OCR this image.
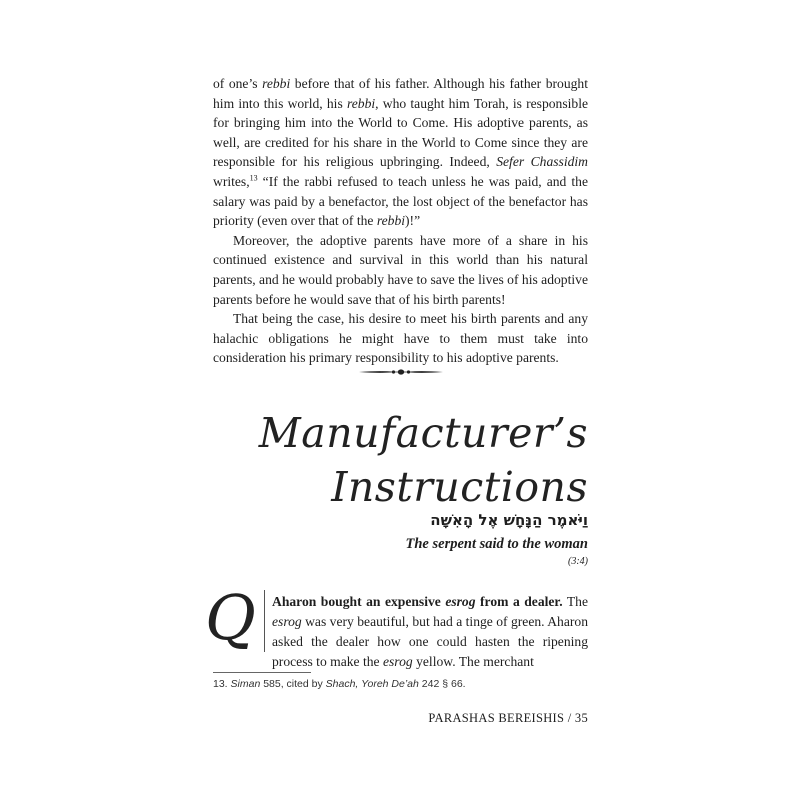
of one’s rebbi before that of his father. Although his father brought him into this world, his rebbi, who taught him Torah, is responsible for bringing him into the World to Come. His adoptive parents, as well, are credited for his share in the World to Come since they are responsible for his religious upbringing. Indeed, Sefer Chassidim writes,$^{13}$ “If the rabbi refused to teach unless he was paid, and the salary was paid by a benefactor, the lost object of the benefactor has priority (even over that of the rebbi)!”

Moreover, the adoptive parents have more of a share in his continued existence and survival in this world than his natural parents, and he would probably have to save the lives of his adoptive parents before he would save that of his birth parents!

That being the case, his desire to meet his birth parents and any halachic obligations he might have to them must take into consideration his primary responsibility to his adoptive parents.

Manufacturer’s
Instructions
וַיֹּאמֶר הַנָּחָשׁ אֶל הָאִשָּׁה
The serpent said to the woman
(3:4)
Q	Aharon bought an expensive esrog from a dealer. The esrog was very beautiful, but had a tinge of green. Aharon asked the dealer how one could hasten the ripening process to make the esrog yellow. The merchant
13. Siman 585, cited by Shach, Yoreh De’ah 242 § 66.
PARASHAS BEREISHIS / 35
